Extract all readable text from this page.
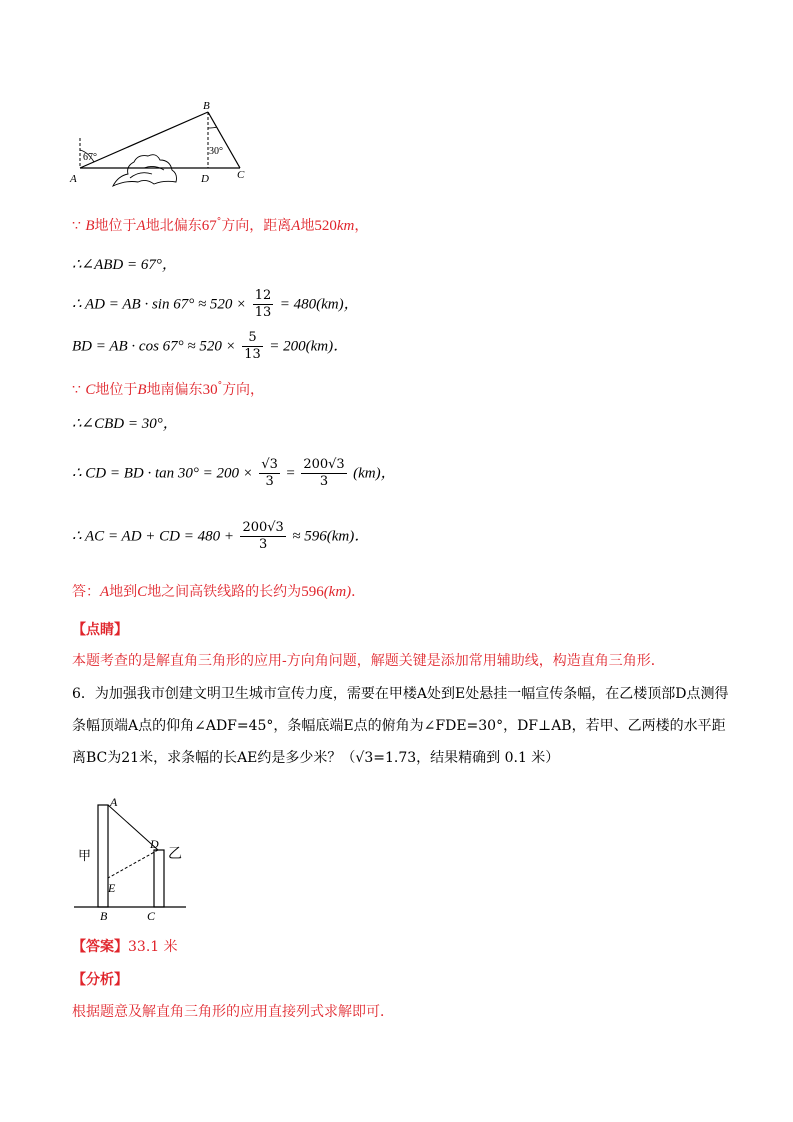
A
B
C
D
67°
30°
∵ B地位于A地北偏东67°方向，距离A地520km，
∴∠ABD = 67°，
∴ AD = AB · $\sin 67^\circ \approx 520 \times \frac{12}{13} = 480(km)$，
BD = AB · $\cos 67^\circ \approx 520 \times \frac{5}{13} = 200(km)$．
∵ C地位于B地南偏东30°方向，
∴∠CBD = 30°，
∴ CD = BD · $\tan 30^\circ = 200 \times \frac{√3}{3} = \frac{200√3}{3} (km)$，
∴ AC = AD + CD = $480 + \frac{200√3}{3} \approx 596(km)$．
答：A地到C地之间高铁线路的长约为596(km)．
【点睛】
本题考查的是解直角三角形的应用-方向角问题，解题关键是添加常用辅助线，构造直角三角形．
6．为加强我市创建文明卫生城市宣传力度，需要在甲楼A处到E处悬挂一幅宣传条幅，在乙楼顶部D点测得条幅顶端A点的仰角∠ADF=45°，条幅底端E点的俯角为∠FDE=30°，DF⊥AB，若甲、乙两楼的水平距离BC为21米，求条幅的长AE约是多少米？（√3=1.73，结果精确到 0.1 米）
A
D
E
B	C
甲	乙
【答案】33.1 米
【分析】
根据题意及解直角三角形的应用直接列式求解即可．
